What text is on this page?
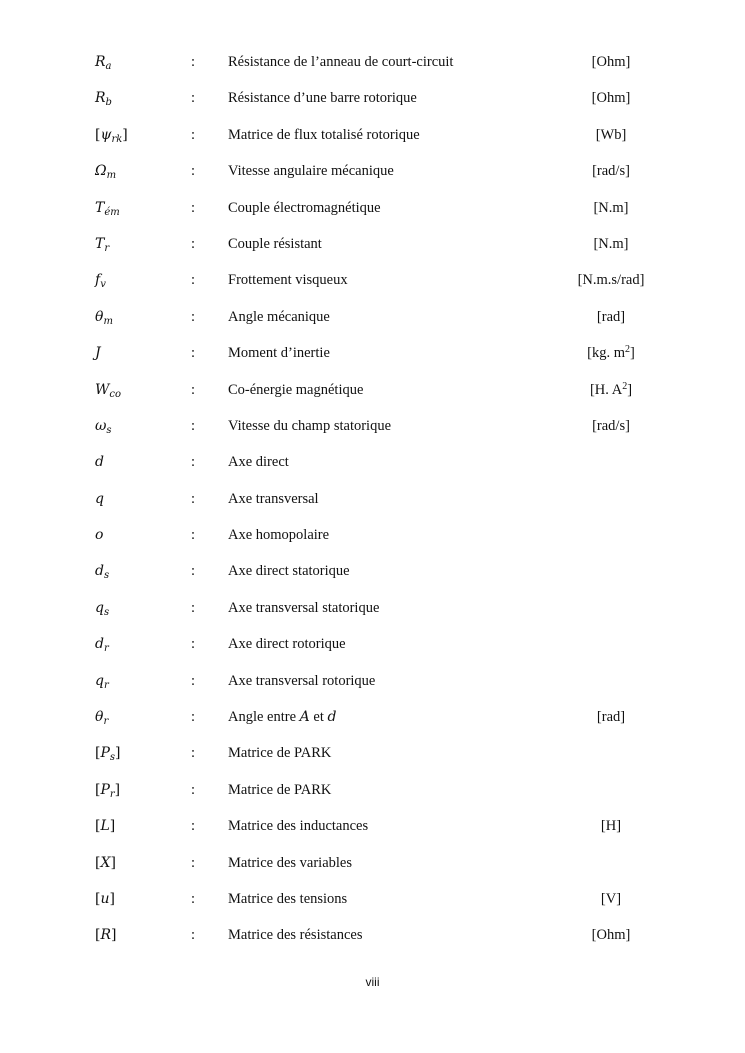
$R_a$	: Résistance de l’anneau de court-circuit	[Ohm]
$R_b$	: Résistance d’une barre rotorique	[Ohm]
$[\psi_{rk}]$	: Matrice de flux totalisé rotorique	[Wb]
$\Omega_m$	: Vitesse angulaire mécanique	[rad/s]
$T_{ém}$	: Couple électromagnétique	[N.m]
$T_r$	: Couple résistant	[N.m]
$f_v$	: Frottement visqueux	[N.m.s/rad]
$\theta_m$	: Angle mécanique	[rad]
J	: Moment d’inertie	[kg. $m^2$]
$W_{co}$	: Co-énergie magnétique	[H. $A^2$]
$\omega_s$	: Vitesse du champ statorique	[rad/s]
d	: Axe direct
q	: Axe transversal
o	: Axe homopolaire
$d_s$	: Axe direct statorique
$q_s$	: Axe transversal statorique
$d_r$	: Axe direct rotorique
$q_r$	: Axe transversal rotorique
$\theta_r$	: Angle entre A et d	[rad]
$[P_s]$	: Matrice de PARK
$[P_r]$	: Matrice de PARK
[L]	: Matrice des inductances	[H]
[X]	: Matrice des variables
[u]	: Matrice des tensions	[V]
[R]	: Matrice des résistances	[Ohm]
viii
